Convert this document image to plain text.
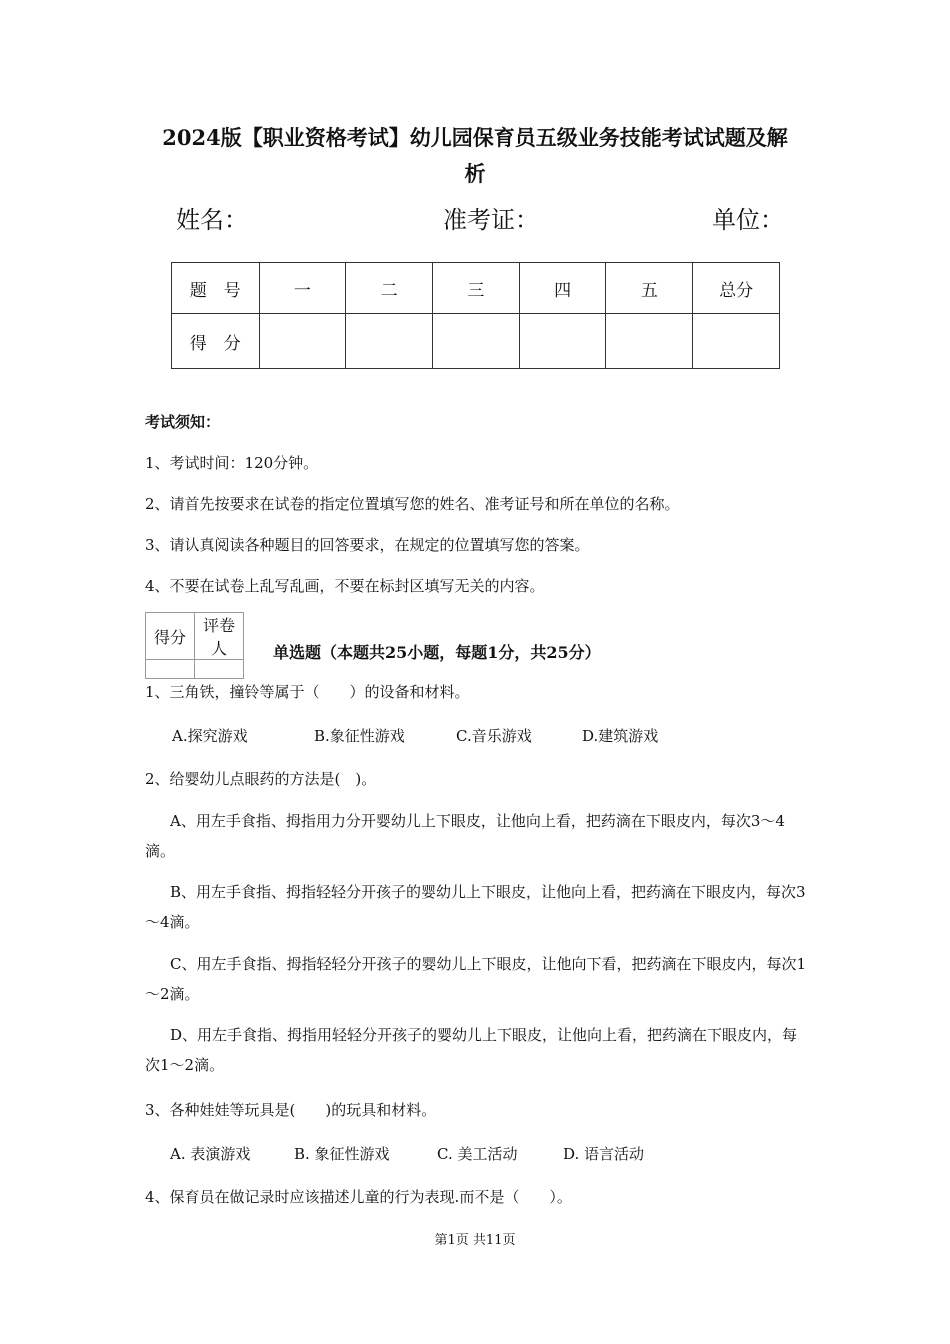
2024版【职业资格考试】幼儿园保育员五级业务技能考试试题及解
析
姓名：	准考证：	单位：
题　号	一	二	三	四	五	总分
得　分						
考试须知：
1、考试时间：120分钟。
2、请首先按要求在试卷的指定位置填写您的姓名、准考证号和所在单位的名称。
3、请认真阅读各种题目的回答要求，在规定的位置填写您的答案。
4、不要在试卷上乱写乱画，不要在标封区填写无关的内容。
得分	评卷人
		单选题（本题共25小题，每题1分，共25分）
1、三角铁，撞铃等属于（　　）的设备和材料。
A.探究游戏	B.象征性游戏	C.音乐游戏	D.建筑游戏
2、给婴幼儿点眼药的方法是(　)。
A、用左手食指、拇指用力分开婴幼儿上下眼皮，让他向上看，把药滴在下眼皮内，每次3～4滴。
B、用左手食指、拇指轻轻分开孩子的婴幼儿上下眼皮，让他向上看，把药滴在下眼皮内，每次3～4滴。
C、用左手食指、拇指轻轻分开孩子的婴幼儿上下眼皮，让他向下看，把药滴在下眼皮内，每次1～2滴。
D、用左手食指、拇指用轻轻分开孩子的婴幼儿上下眼皮，让他向上看，把药滴在下眼皮内，每次1～2滴。
3、各种娃娃等玩具是(　　)的玩具和材料。
A. 表演游戏	B. 象征性游戏	C. 美工活动	D. 语言活动
4、保育员在做记录时应该描述儿童的行为表现.而不是（　　）。
第1页 共11页
